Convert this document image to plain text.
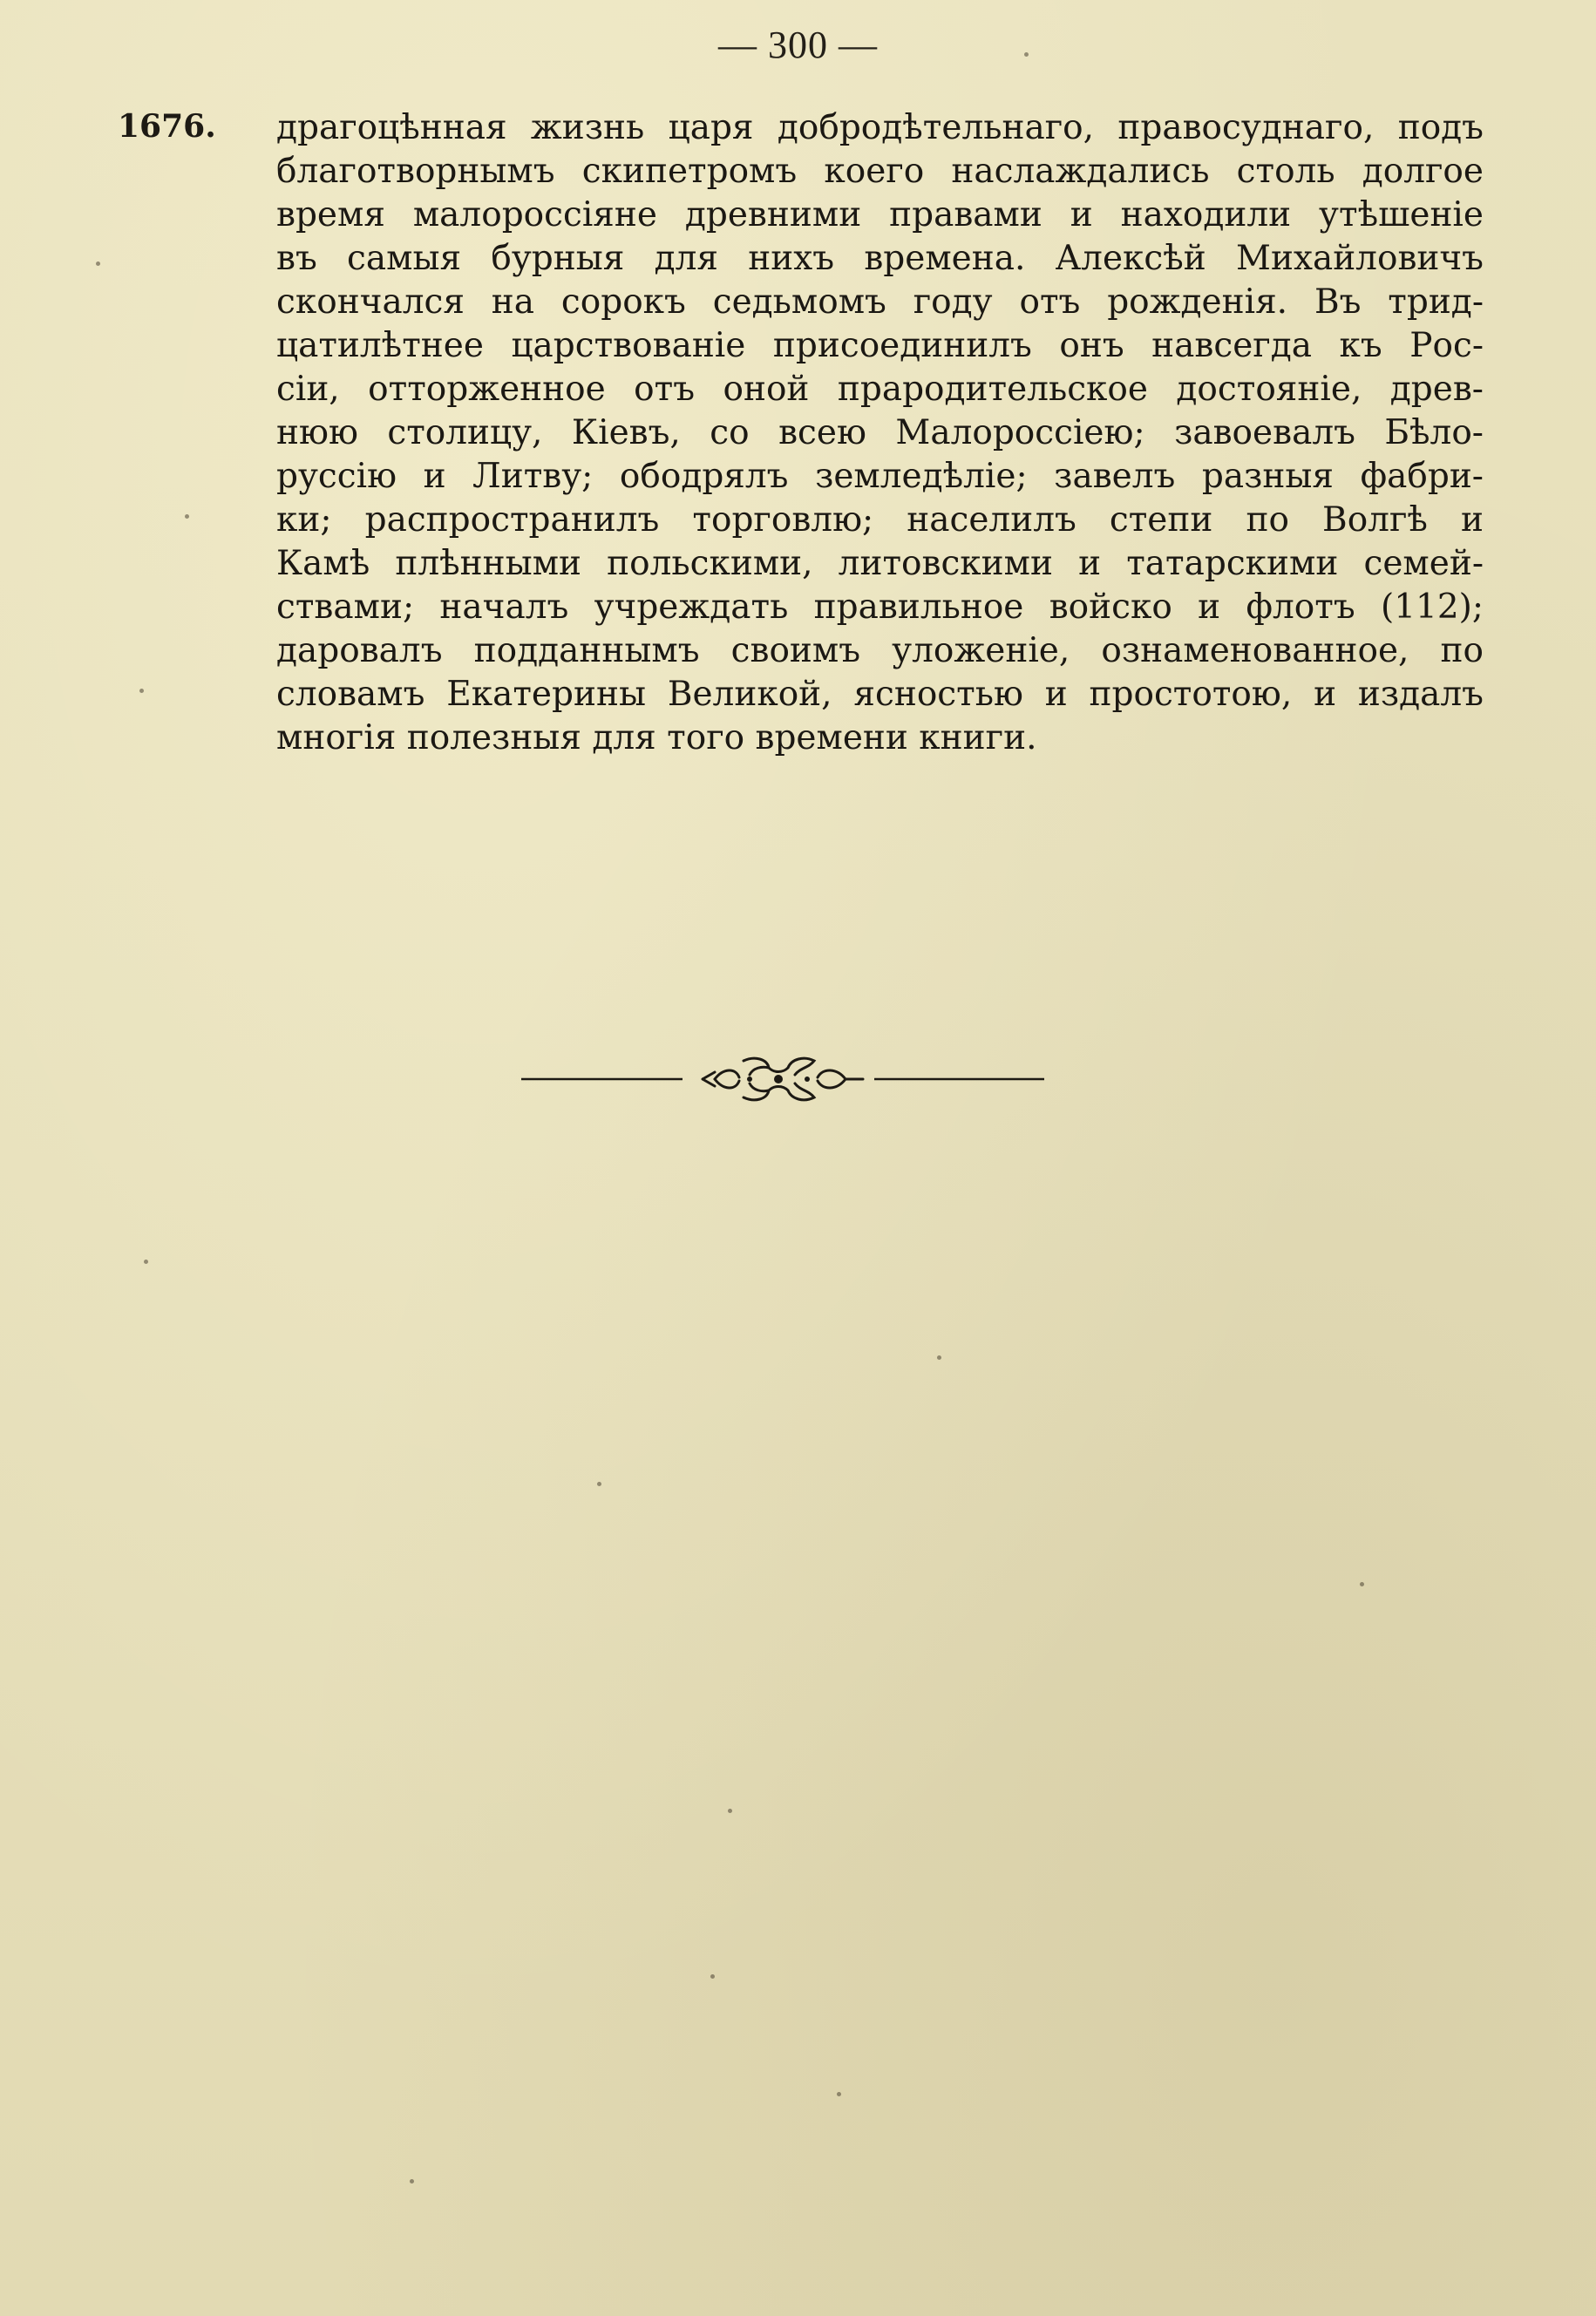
— 300 —
1676. драгоцѣнная жизнь царя добродѣтельнаго, правосуднаго, подъ
благотворнымъ скипетромъ коего наслаждались столь долгое
время малороссіяне древними правами и находили утѣшеніе
въ самыя бурныя для нихъ времена. Алексѣй Михайловичъ
скончался на сорокъ седьмомъ году отъ рожденія. Въ трид-
цатилѣтнее царствованіе присоединилъ онъ навсегда къ Рос-
сіи, отторженное отъ оной прародительское достояніе, древ-
нюю столицу, Кіевъ, со всею Малороссіею; завоевалъ Бѣло-
руссію и Литву; ободрялъ земледѣліе; завелъ разныя фабри-
ки; распространилъ торговлю; населилъ степи по Волгѣ и
Камѣ плѣнными польскими, литовскими и татарскими семей-
ствами; началъ учреждать правильное войско и флотъ (112);
даровалъ подданнымъ своимъ уложеніе, ознаменованное, по
словамъ Екатерины Великой, ясностью и простотою, и издалъ
многія полезныя для того времени книги.
